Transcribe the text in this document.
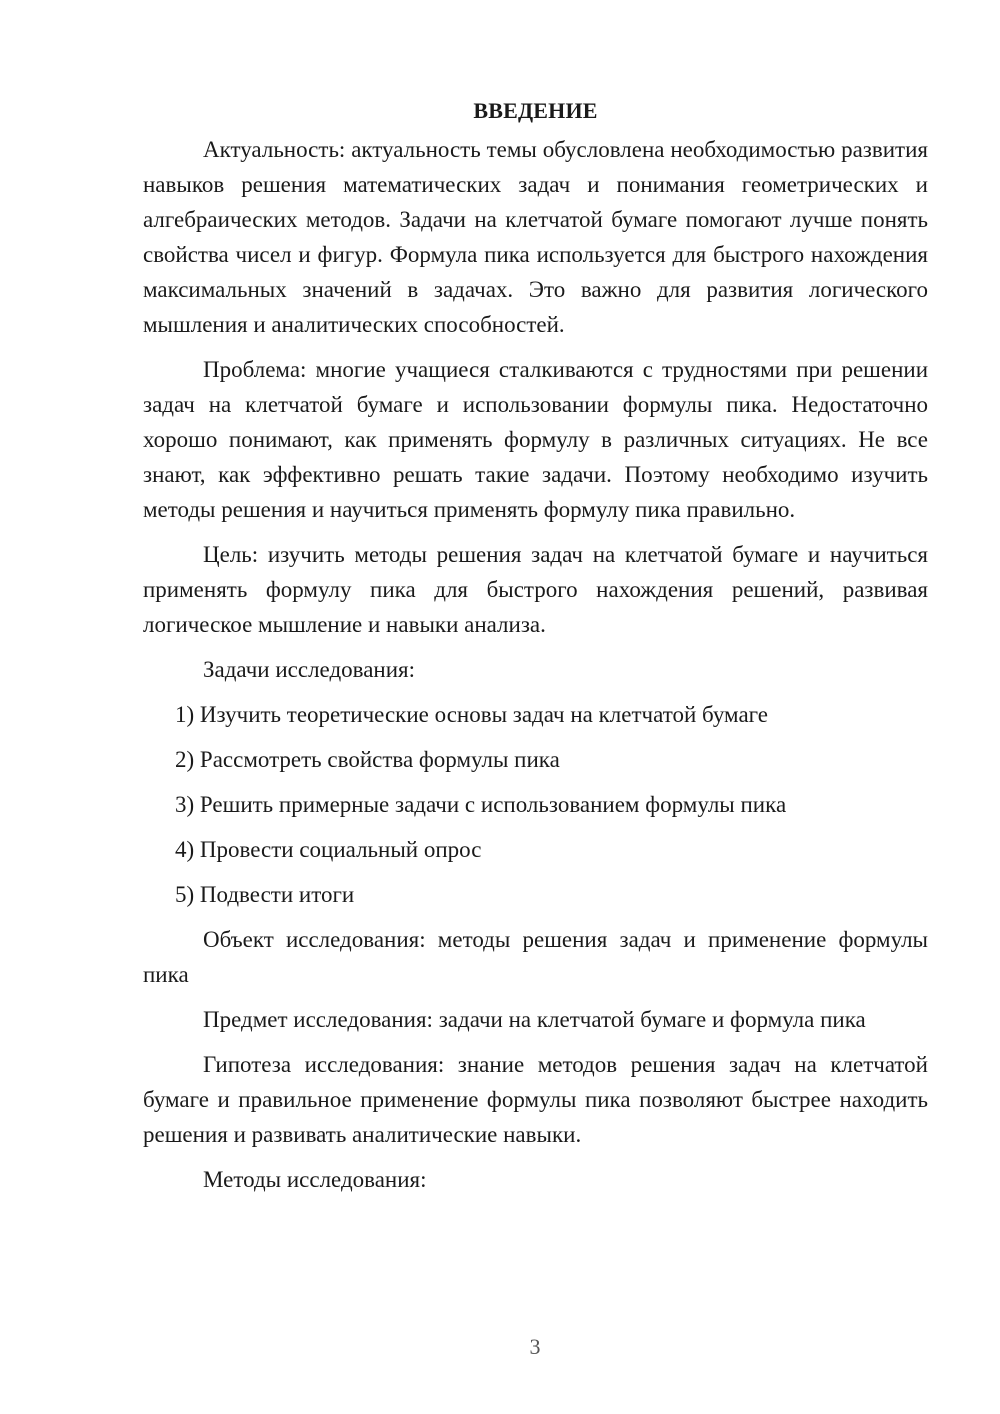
ВВЕДЕНИЕ

Актуальность: актуальность темы обусловлена необходимостью развития навыков решения математических задач и понимания геометрических и алгебраических методов. Задачи на клетчатой бумаге помогают лучше понять свойства чисел и фигур. Формула пика используется для быстрого нахождения максимальных значений в задачах. Это важно для развития логического мышления и аналитических способностей.

Проблема: многие учащиеся сталкиваются с трудностями при решении задач на клетчатой бумаге и использовании формулы пика. Недостаточно хорошо понимают, как применять формулу в различных ситуациях. Не все знают, как эффективно решать такие задачи. Поэтому необходимо изучить методы решения и научиться применять формулу пика правильно.

Цель: изучить методы решения задач на клетчатой бумаге и научиться применять формулу пика для быстрого нахождения решений, развивая логическое мышление и навыки анализа.

Задачи исследования:

1) Изучить теоретические основы задач на клетчатой бумаге
2) Рассмотреть свойства формулы пика
3) Решить примерные задачи с использованием формулы пика
4) Провести социальный опрос
5) Подвести итоги

Объект исследования: методы решения задач и применение формулы пика

Предмет исследования: задачи на клетчатой бумаге и формула пика

Гипотеза исследования: знание методов решения задач на клетчатой бумаге и правильное применение формулы пика позволяют быстрее находить решения и развивать аналитические навыки.

Методы исследования:

3
